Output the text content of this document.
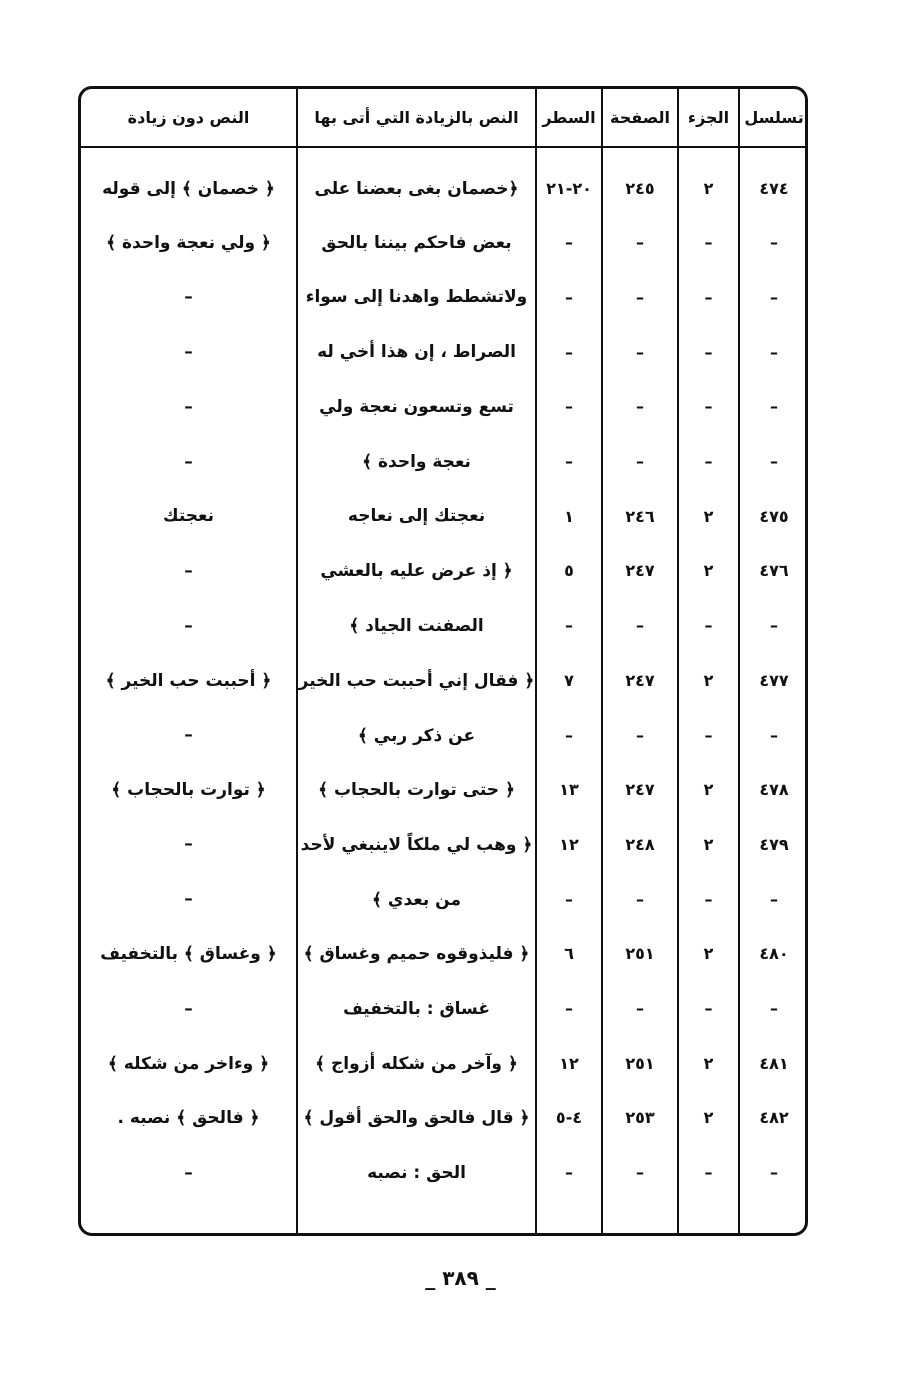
تسلسل
الجزء
الصفحة
السطر
النص بالزيادة التي أتى بها
النص دون زيادة
٤٧٤
٢
٢٤٥
٢٠-٢١
﴿خصمان بغى بعضنا على
﴿ خصمان ﴾ إلى قوله
–
–
–
–
بعض فاحكم بيننا بالحق
﴿ ولي نعجة واحدة ﴾
–
–
–
–
ولاتشطط واهدنا إلى سواء
–
–
–
–
–
الصراط ، إن هذا أخي له
–
–
–
–
–
تسع وتسعون نعجة ولي
–
–
–
–
–
نعجة واحدة ﴾
–
٤٧٥
٢
٢٤٦
١
نعجتك إلى نعاجه
نعجتك
٤٧٦
٢
٢٤٧
٥
﴿ إذ عرض عليه بالعشي
–
–
–
–
–
الصفنت الجياد ﴾
–
٤٧٧
٢
٢٤٧
٧
﴿ فقال إني أحببت حب الخير
﴿ أحببت حب الخير ﴾
–
–
–
–
عن ذكر ربي ﴾
–
٤٧٨
٢
٢٤٧
١٣
﴿ حتى توارت بالحجاب ﴾
﴿ توارت بالحجاب ﴾
٤٧٩
٢
٢٤٨
١٢
﴿ وهب لي ملكاً لاينبغي لأحد
–
–
–
–
–
من بعدي ﴾
–
٤٨٠
٢
٢٥١
٦
﴿ فليذوقوه حميم وغساق ﴾
﴿ وغساق ﴾ بالتخفيف
–
–
–
–
غساق : بالتخفيف
–
٤٨١
٢
٢٥١
١٢
﴿ وآخر من شكله أزواج ﴾
﴿ وءاخر من شكله ﴾
٤٨٢
٢
٢٥٣
٤-٥
﴿ قال فالحق والحق أقول ﴾
﴿ فالحق ﴾ نصبه .
–
–
–
–
الحق : نصبه
–
_ ٣٨٩ _
